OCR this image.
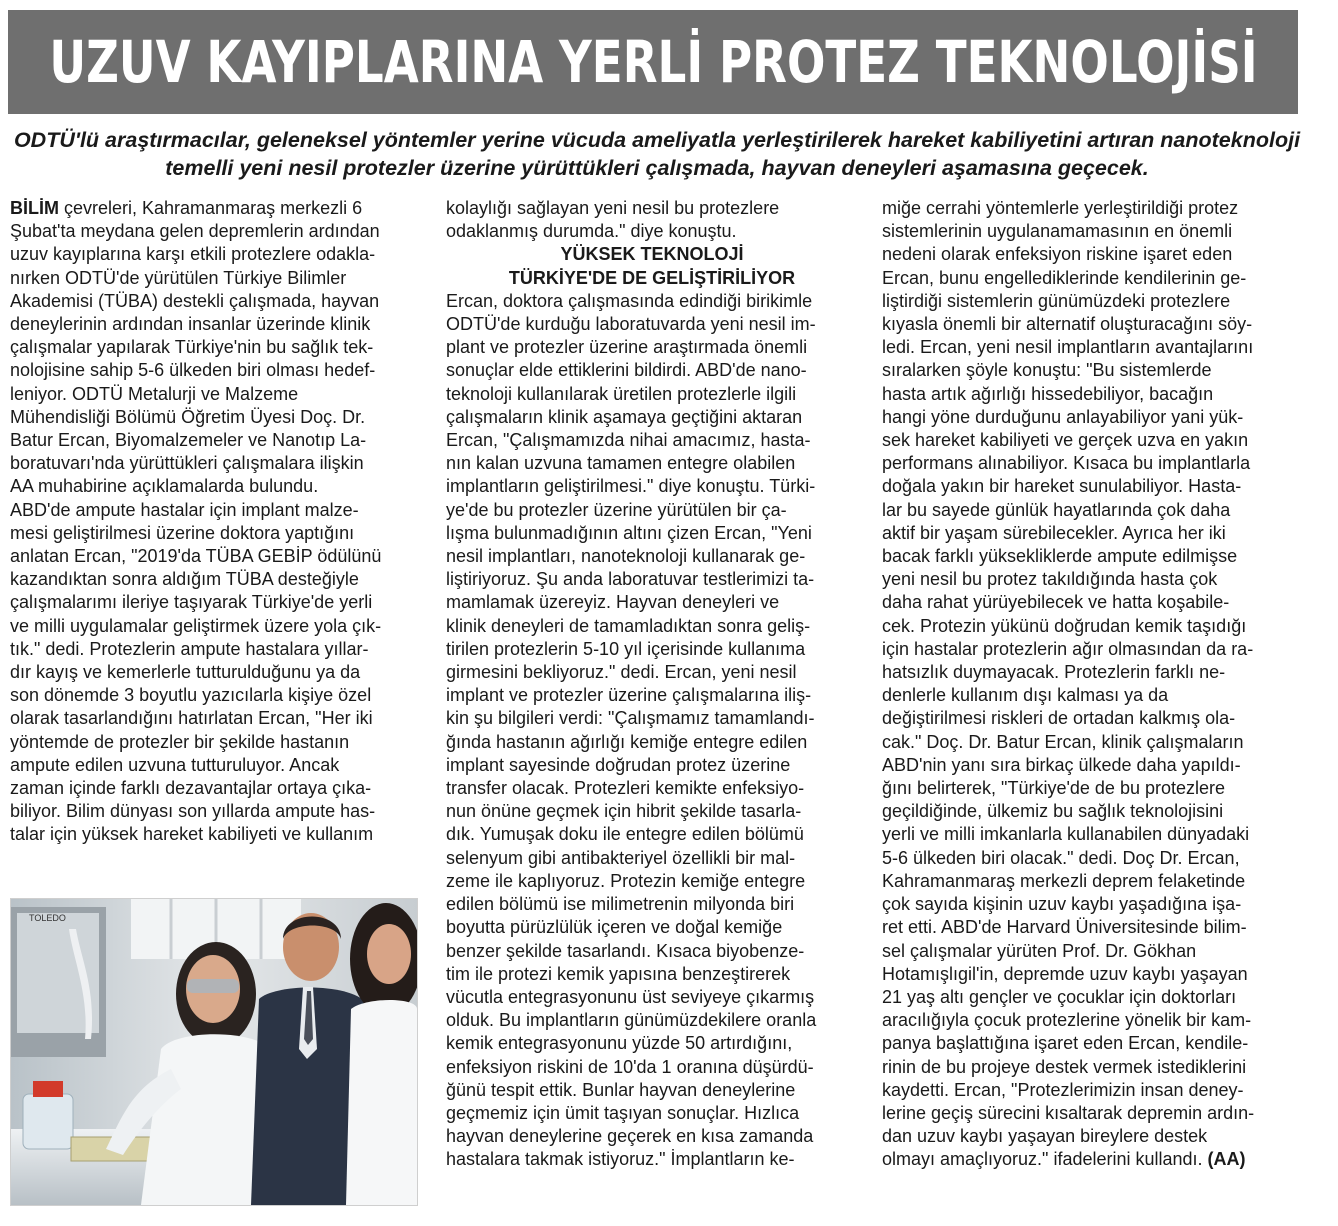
UZUV KAYIPLARINA YERLİ PROTEZ TEKNOLOJİSİ
ODTÜ'lü araştırmacılar, geleneksel yöntemler yerine vücuda ameliyatla yerleştirilerek hareket kabiliyetini artıran nanoteknoloji
temelli yeni nesil protezler üzerine yürüttükleri çalışmada, hayvan deneyleri aşamasına geçecek.

BİLİM çevreleri, Kahramanmaraş merkezli 6

Şubat'ta meydana gelen depremlerin ardından

uzuv kayıplarına karşı etkili protezlere odakla-

nırken ODTÜ'de yürütülen Türkiye Bilimler

Akademisi (TÜBA) destekli çalışmada, hayvan

deneylerinin ardından insanlar üzerinde klinik

çalışmalar yapılarak Türkiye'nin bu sağlık tek-

nolojisine sahip 5-6 ülkeden biri olması hedef-

leniyor. ODTÜ Metalurji ve Malzeme

Mühendisliği Bölümü Öğretim Üyesi Doç. Dr.

Batur Ercan, Biyomalzemeler ve Nanotıp La-

boratuvarı'nda yürüttükleri çalışmalara ilişkin

AA muhabirine açıklamalarda bulundu.

ABD'de ampute hastalar için implant malze-

mesi geliştirilmesi üzerine doktora yaptığını

anlatan Ercan, "2019'da TÜBA GEBİP ödülünü

kazandıktan sonra aldığım TÜBA desteğiyle

çalışmalarımı ileriye taşıyarak Türkiye'de yerli

ve milli uygulamalar geliştirmek üzere yola çık-

tık." dedi. Protezlerin ampute hastalara yıllar-

dır kayış ve kemerlerle tutturulduğunu ya da

son dönemde 3 boyutlu yazıcılarla kişiye özel

olarak tasarlandığını hatırlatan Ercan, "Her iki

yöntemde de protezler bir şekilde hastanın

ampute edilen uzvuna tutturuluyor. Ancak

zaman içinde farklı dezavantajlar ortaya çıka-

biliyor. Bilim dünyası son yıllarda ampute has-

talar için yüksek hareket kabiliyeti ve kullanım

kolaylığı sağlayan yeni nesil bu protezlere

odaklanmış durumda." diye konuştu.

YÜKSEK TEKNOLOJİ
TÜRKİYE'DE DE GELİŞTİRİLİYOR

Ercan, doktora çalışmasında edindiği birikimle

ODTÜ'de kurduğu laboratuvarda yeni nesil im-

plant ve protezler üzerine araştırmada önemli

sonuçlar elde ettiklerini bildirdi. ABD'de nano-

teknoloji kullanılarak üretilen protezlerle ilgili

çalışmaların klinik aşamaya geçtiğini aktaran

Ercan, "Çalışmamızda nihai amacımız, hasta-

nın kalan uzvuna tamamen entegre olabilen

implantların geliştirilmesi." diye konuştu. Türki-

ye'de bu protezler üzerine yürütülen bir ça-

lışma bulunmadığının altını çizen Ercan, "Yeni

nesil implantları, nanoteknoloji kullanarak ge-

liştiriyoruz. Şu anda laboratuvar testlerimizi ta-

mamlamak üzereyiz. Hayvan deneyleri ve

klinik deneyleri de tamamladıktan sonra geliş-

tirilen protezlerin 5-10 yıl içerisinde kullanıma

girmesini bekliyoruz." dedi. Ercan, yeni nesil

implant ve protezler üzerine çalışmalarına iliş-

kin şu bilgileri verdi: "Çalışmamız tamamlandı-

ğında hastanın ağırlığı kemiğe entegre edilen

implant sayesinde doğrudan protez üzerine

transfer olacak. Protezleri kemikte enfeksiyo-

nun önüne geçmek için hibrit şekilde tasarla-

dık. Yumuşak doku ile entegre edilen bölümü

selenyum gibi antibakteriyel özellikli bir mal-

zeme ile kaplıyoruz. Protezin kemiğe entegre

edilen bölümü ise milimetrenin milyonda biri

boyutta pürüzlülük içeren ve doğal kemiğe

benzer şekilde tasarlandı. Kısaca biyobenze-

tim ile protezi kemik yapısına benzeştirerek

vücutla entegrasyonunu üst seviyeye çıkarmış

olduk. Bu implantların günümüzdekilere oranla

kemik entegrasyonunu yüzde 50 artırdığını,

enfeksiyon riskini de 10'da 1 oranına düşürdü-

ğünü tespit ettik. Bunlar hayvan deneylerine

geçmemiz için ümit taşıyan sonuçlar. Hızlıca

hayvan deneylerine geçerek en kısa zamanda

hastalara takmak istiyoruz." İmplantların ke-

miğe cerrahi yöntemlerle yerleştirildiği protez

sistemlerinin uygulanamamasının en önemli

nedeni olarak enfeksiyon riskine işaret eden

Ercan, bunu engellediklerinde kendilerinin ge-

liştirdiği sistemlerin günümüzdeki protezlere

kıyasla önemli bir alternatif oluşturacağını söy-

ledi. Ercan, yeni nesil implantların avantajlarını

sıralarken şöyle konuştu: "Bu sistemlerde

hasta artık ağırlığı hissedebiliyor, bacağın

hangi yöne durduğunu anlayabiliyor yani yük-

sek hareket kabiliyeti ve gerçek uzva en yakın

performans alınabiliyor. Kısaca bu implantlarla

doğala yakın bir hareket sunulabiliyor. Hasta-

lar bu sayede günlük hayatlarında çok daha

aktif bir yaşam sürebilecekler. Ayrıca her iki

bacak farklı yüksekliklerde ampute edilmişse

yeni nesil bu protez takıldığında hasta çok

daha rahat yürüyebilecek ve hatta koşabile-

cek. Protezin yükünü doğrudan kemik taşıdığı

için hastalar protezlerin ağır olmasından da ra-

hatsızlık duymayacak. Protezlerin farklı ne-

denlerle kullanım dışı kalması ya da

değiştirilmesi riskleri de ortadan kalkmış ola-

cak." Doç. Dr. Batur Ercan, klinik çalışmaların

ABD'nin yanı sıra birkaç ülkede daha yapıldı-

ğını belirterek, "Türkiye'de de bu protezlere

geçildiğinde, ülkemiz bu sağlık teknolojisini

yerli ve milli imkanlarla kullanabilen dünyadaki

5-6 ülkeden biri olacak." dedi. Doç Dr. Ercan,

Kahramanmaraş merkezli deprem felaketinde

çok sayıda kişinin uzuv kaybı yaşadığına işa-

ret etti. ABD'de Harvard Üniversitesinde bilim-

sel çalışmalar yürüten Prof. Dr. Gökhan

Hotamışlıgil'in, depremde uzuv kaybı yaşayan

21 yaş altı gençler ve çocuklar için doktorları

aracılığıyla çocuk protezlerine yönelik bir kam-

panya başlattığına işaret eden Ercan, kendile-

rinin de bu projeye destek vermek istediklerini

kaydetti. Ercan, "Protezlerimizin insan deney-

lerine geçiş sürecini kısaltarak depremin ardın-

dan uzuv kaybı yaşayan bireylere destek

olmayı amaçlıyoruz." ifadelerini kullandı. (AA)

TOLEDO
